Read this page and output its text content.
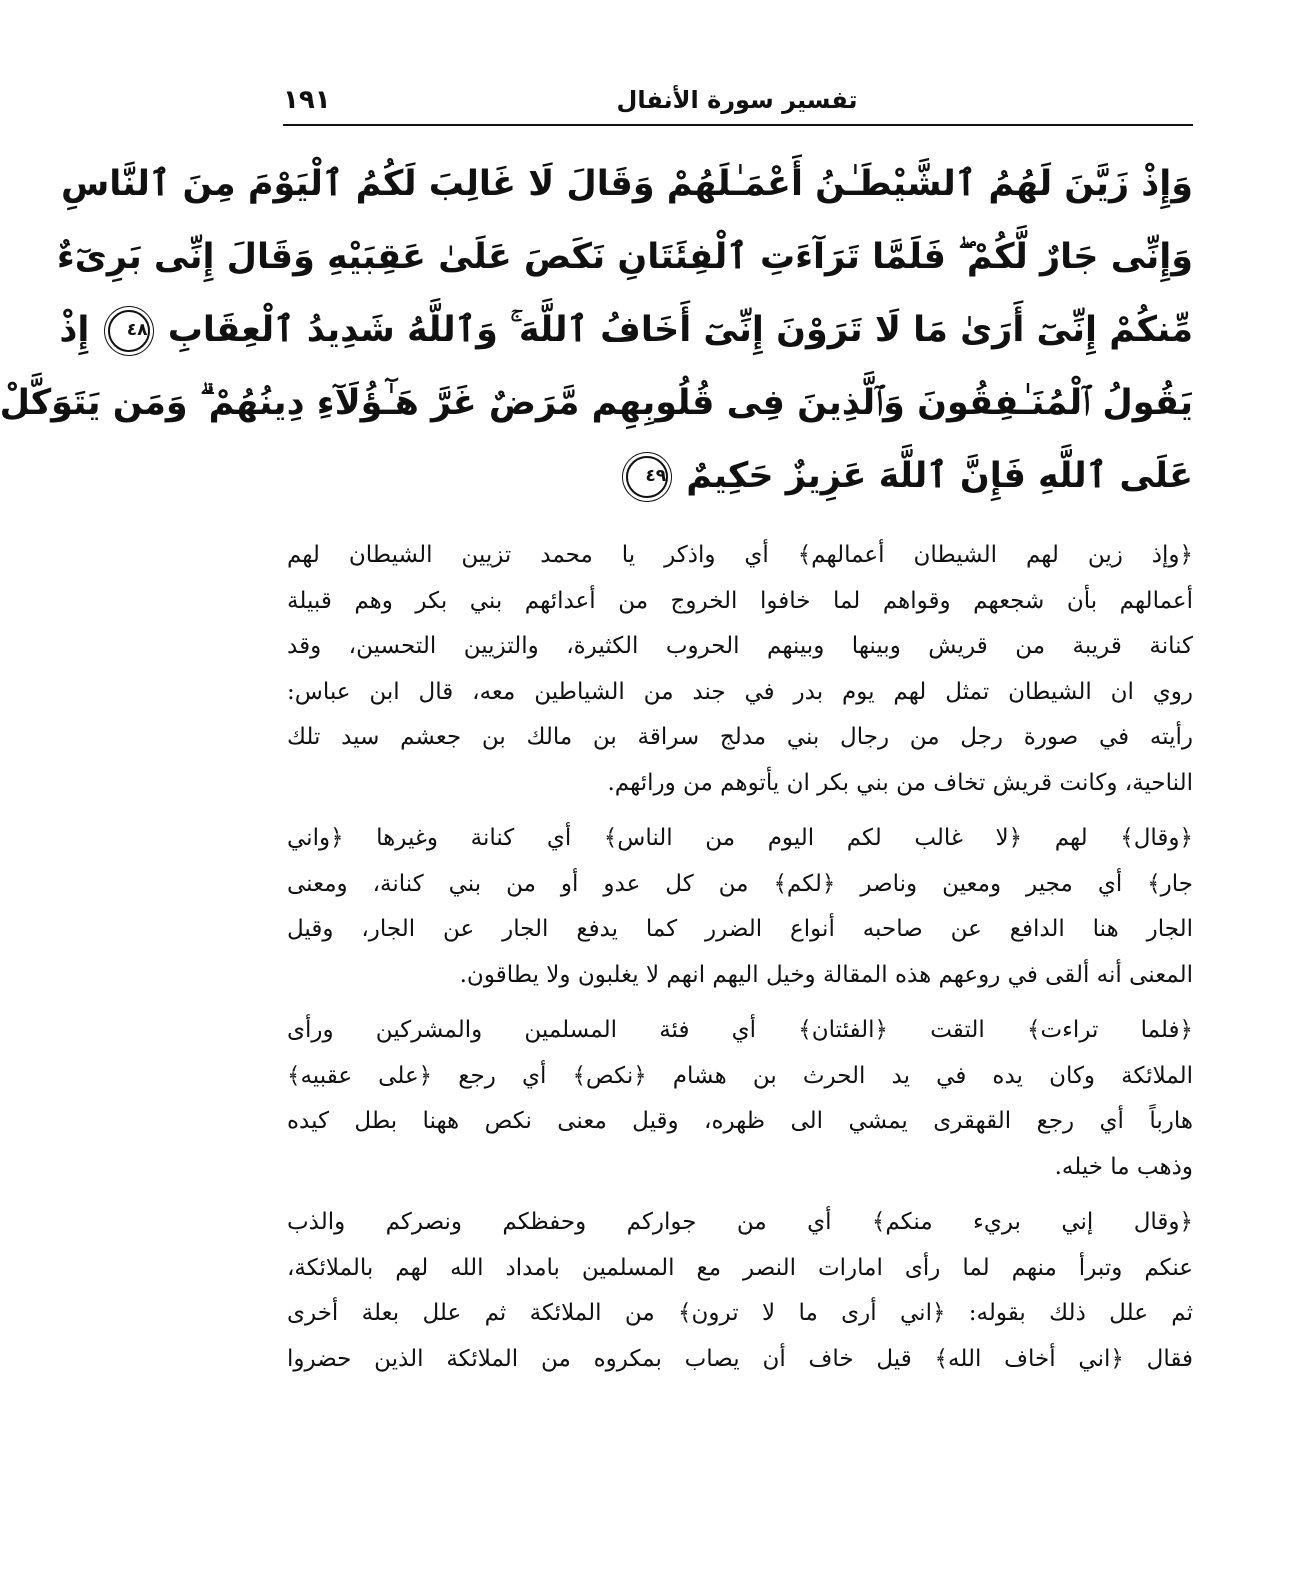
١٩١	تفسير سورة الأنفال
وَإِذْ زَيَّنَ لَهُمُ ٱلشَّيْطَـٰنُ أَعْمَـٰلَهُمْ وَقَالَ لَا غَالِبَ لَكُمُ ٱلْيَوْمَ مِنَ ٱلنَّاسِ
وَإِنِّى جَارٌ لَّكُمْ ۖ فَلَمَّا تَرَآءَتِ ٱلْفِئَتَانِ نَكَصَ عَلَىٰ عَقِبَيْهِ وَقَالَ إِنِّى بَرِىٓءٌ
مِّنكُمْ إِنِّىٓ أَرَىٰ مَا لَا تَرَوْنَ إِنِّىٓ أَخَافُ ٱللَّهَ ۚ وَٱللَّهُ شَدِيدُ ٱلْعِقَابِ ٤٨ إِذْ
يَقُولُ ٱلْمُنَـٰفِقُونَ وَٱلَّذِينَ فِى قُلُوبِهِم مَّرَضٌ غَرَّ هَـٰٓؤُلَآءِ دِينُهُمْ ۗ وَمَن يَتَوَكَّلْ
عَلَى ٱللَّهِ فَإِنَّ ٱللَّهَ عَزِيزٌ حَكِيمٌ ٤٩
﴿وإذ زين لهم الشيطان أعمالهم﴾ أي واذكر يا محمد تزيين الشيطان لهم
أعمالهم بأن شجعهم وقواهم لما خافوا الخروج من أعدائهم بني بكر وهم قبيلة
كنانة قريبة من قريش وبينها وبينهم الحروب الكثيرة، والتزيين التحسين، وقد
روي ان الشيطان تمثل لهم يوم بدر في جند من الشياطين معه، قال ابن عباس:
رأيته في صورة رجل من رجال بني مدلج سراقة بن مالك بن جعشم سيد تلك
الناحية، وكانت قريش تخاف من بني بكر ان يأتوهم من ورائهم.
﴿وقال﴾ لهم ﴿لا غالب لكم اليوم من الناس﴾ أي كنانة وغيرها ﴿واني
جار﴾ أي مجير ومعين وناصر ﴿لكم﴾ من كل عدو أو من بني كنانة، ومعنى
الجار هنا الدافع عن صاحبه أنواع الضرر كما يدفع الجار عن الجار، وقيل
المعنى أنه ألقى في روعهم هذه المقالة وخيل اليهم انهم لا يغلبون ولا يطاقون.
﴿فلما تراءت﴾ التقت ﴿الفئتان﴾ أي فئة المسلمين والمشركين ورأى
الملائكة وكان يده في يد الحرث بن هشام ﴿نكص﴾ أي رجع ﴿على عقبيه﴾
هارباً أي رجع القهقرى يمشي الى ظهره، وقيل معنى نكص ههنا بطل كيده
وذهب ما خيله.
﴿وقال إني بريء منكم﴾ أي من جواركم وحفظكم ونصركم والذب
عنكم وتبرأ منهم لما رأى امارات النصر مع المسلمين بامداد الله لهم بالملائكة،
ثم علل ذلك بقوله: ﴿اني أرى ما لا ترون﴾ من الملائكة ثم علل بعلة أخرى
فقال ﴿اني أخاف الله﴾ قيل خاف أن يصاب بمكروه من الملائكة الذين حضروا
